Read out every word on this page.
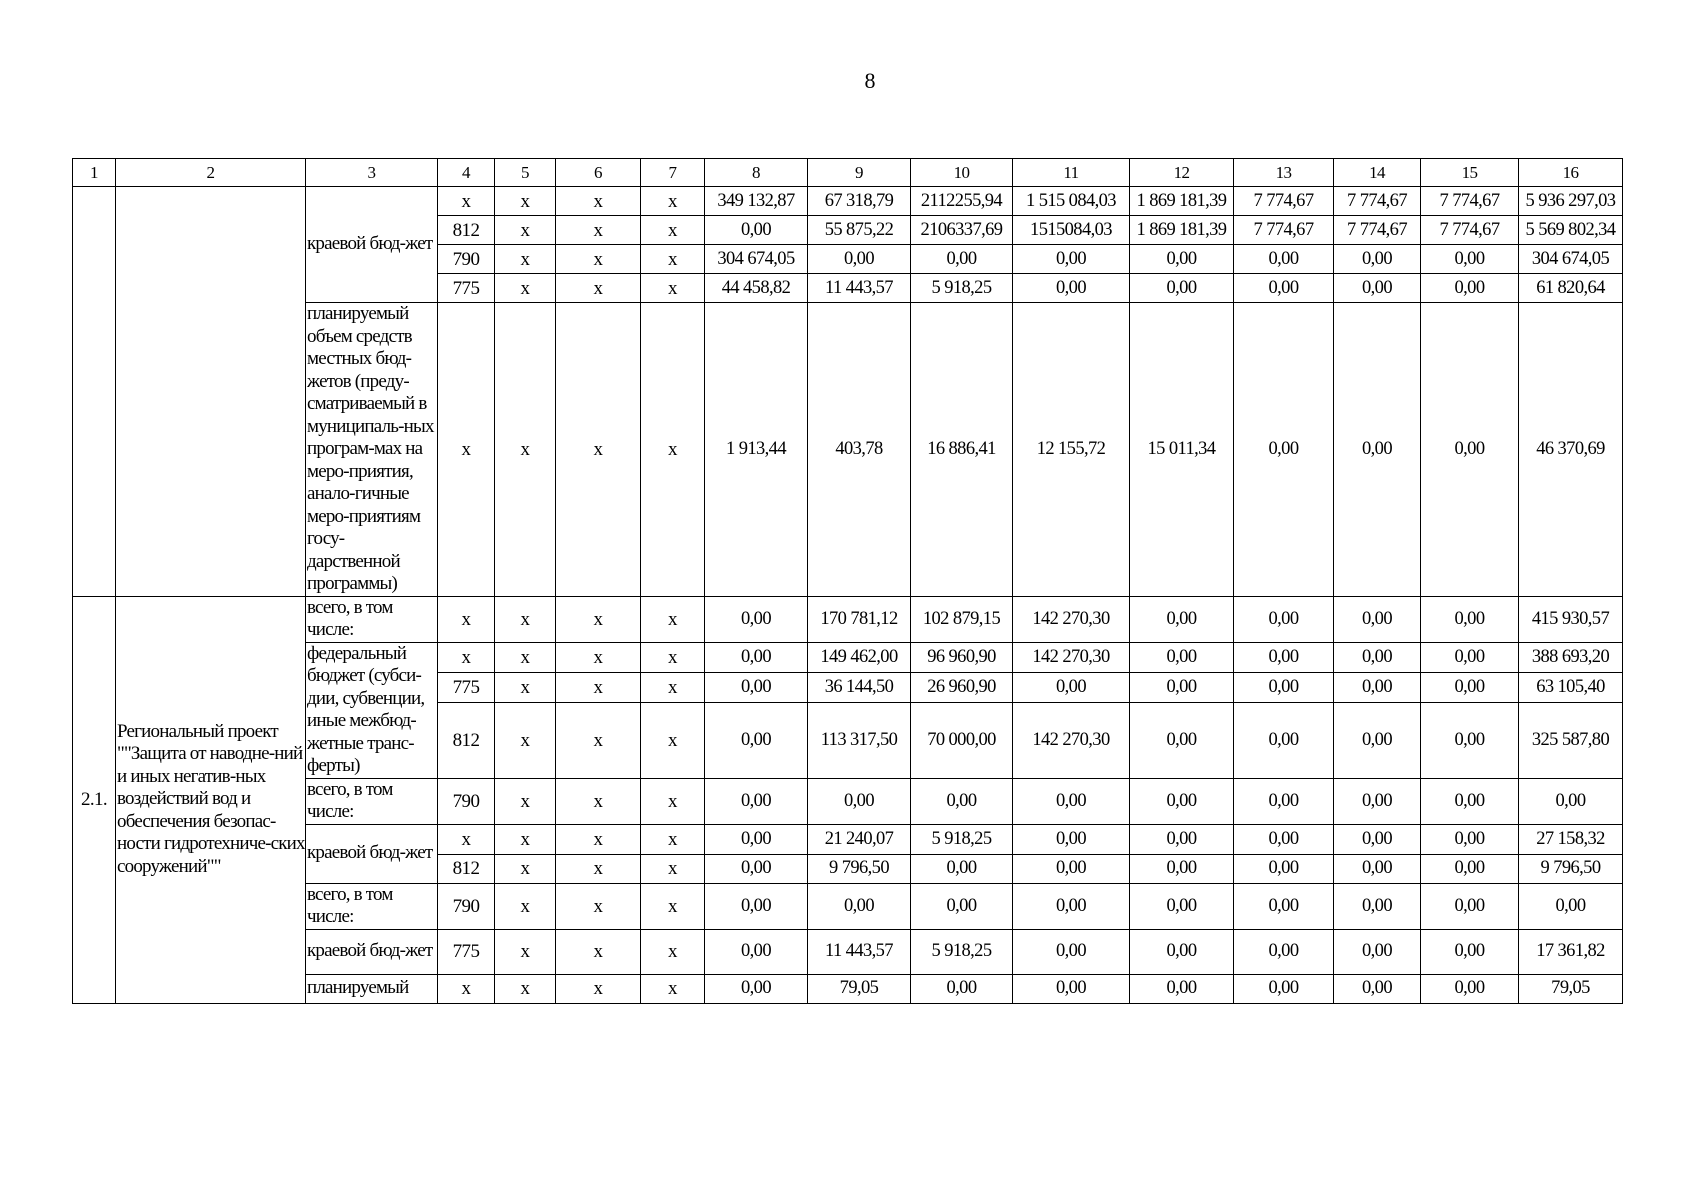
8
1	2	3	4	5	6	7	8	9	10	11	12	13	14	15	16
		краевой бюд-жет	x	x	x	x	349 132,87	67 318,79	2112255,94	1 515 084,03	1 869 181,39	7 774,67	7 774,67	7 774,67	5 936 297,03
			812	x	x	x	0,00	55 875,22	2106337,69	1515084,03	1 869 181,39	7 774,67	7 774,67	7 774,67	5 569 802,34
			790	x	x	x	304 674,05	0,00	0,00	0,00	0,00	0,00	0,00	0,00	304 674,05
			775	x	x	x	44 458,82	11 443,57	5 918,25	0,00	0,00	0,00	0,00	0,00	61 820,64
		планируемый объем средств местных бюд-жетов (преду-сматриваемый в муниципаль-ных програм-мах на меро-приятия, анало-гичные меро-приятиям госу-дарственной программы)	x	x	x	x	1 913,44	403,78	16 886,41	12 155,72	15 011,34	0,00	0,00	0,00	46 370,69
2.1.	Региональный проект ""Защита от наводне-ний и иных негатив-ных воздействий вод и обеспечения безопас-ности гидротехниче-ских сооружений""	всего, в том числе:	x	x	x	x	0,00	170 781,12	102 879,15	142 270,30	0,00	0,00	0,00	0,00	415 930,57
		федеральный бюджет (субси-дии, субвенции, иные межбюд-жетные транс-ферты)	x	x	x	x	0,00	149 462,00	96 960,90	142 270,30	0,00	0,00	0,00	0,00	388 693,20
			775	x	x	x	0,00	36 144,50	26 960,90	0,00	0,00	0,00	0,00	0,00	63 105,40
			812	x	x	x	0,00	113 317,50	70 000,00	142 270,30	0,00	0,00	0,00	0,00	325 587,80
		всего, в том числе:	790	x	x	x	0,00	0,00	0,00	0,00	0,00	0,00	0,00	0,00	0,00
		краевой бюд-жет	x	x	x	x	0,00	21 240,07	5 918,25	0,00	0,00	0,00	0,00	0,00	27 158,32
			812	x	x	x	0,00	9 796,50	0,00	0,00	0,00	0,00	0,00	0,00	9 796,50
		всего, в том числе:	790	x	x	x	0,00	0,00	0,00	0,00	0,00	0,00	0,00	0,00	0,00
		краевой бюд-жет	775	x	x	x	0,00	11 443,57	5 918,25	0,00	0,00	0,00	0,00	0,00	17 361,82
		планируемый	x	x	x	x	0,00	79,05	0,00	0,00	0,00	0,00	0,00	0,00	79,05
